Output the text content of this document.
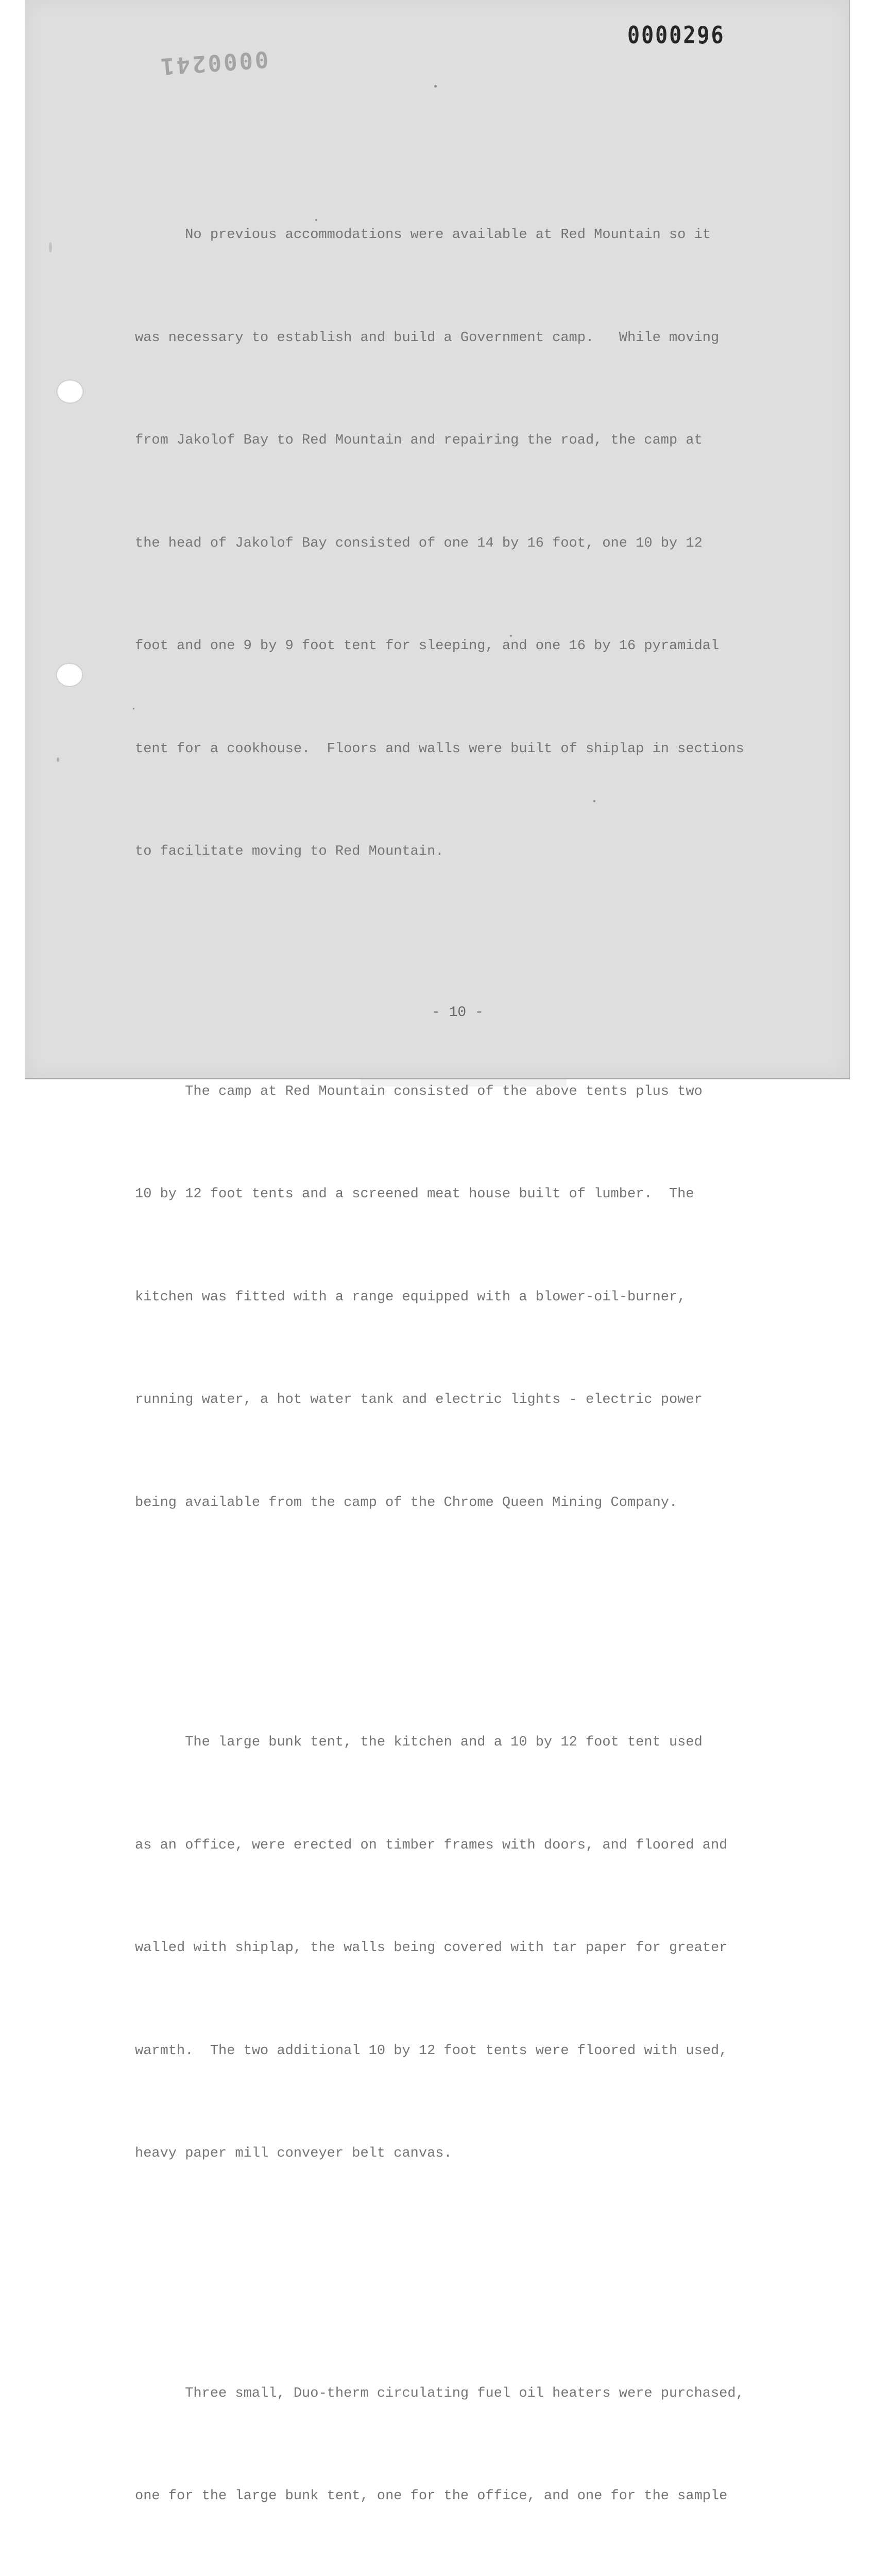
0000296
0000241

No previous accommodations were available at Red Mountain so it

was necessary to establish and build a Government camp.   While moving

from Jakolof Bay to Red Mountain and repairing the road, the camp at

the head of Jakolof Bay consisted of one 14 by 16 foot, one 10 by 12

foot and one 9 by 9 foot tent for sleeping, and one 16 by 16 pyramidal

tent for a cookhouse.  Floors and walls were built of shiplap in sections

to facilitate moving to Red Mountain.

The camp at Red Mountain consisted of the above tents plus two

10 by 12 foot tents and a screened meat house built of lumber.  The

kitchen was fitted with a range equipped with a blower-oil-burner,

running water, a hot water tank and electric lights - electric power

being available from the camp of the Chrome Queen Mining Company.

The large bunk tent, the kitchen and a 10 by 12 foot tent used

as an office, were erected on timber frames with doors, and floored and

walled with shiplap, the walls being covered with tar paper for greater

warmth.  The two additional 10 by 12 foot tents were floored with used,

heavy paper mill conveyer belt canvas.

Three small, Duo-therm circulating fuel oil heaters were purchased,

one for the large bunk tent, one for the office, and one for the sample

- 10 -
